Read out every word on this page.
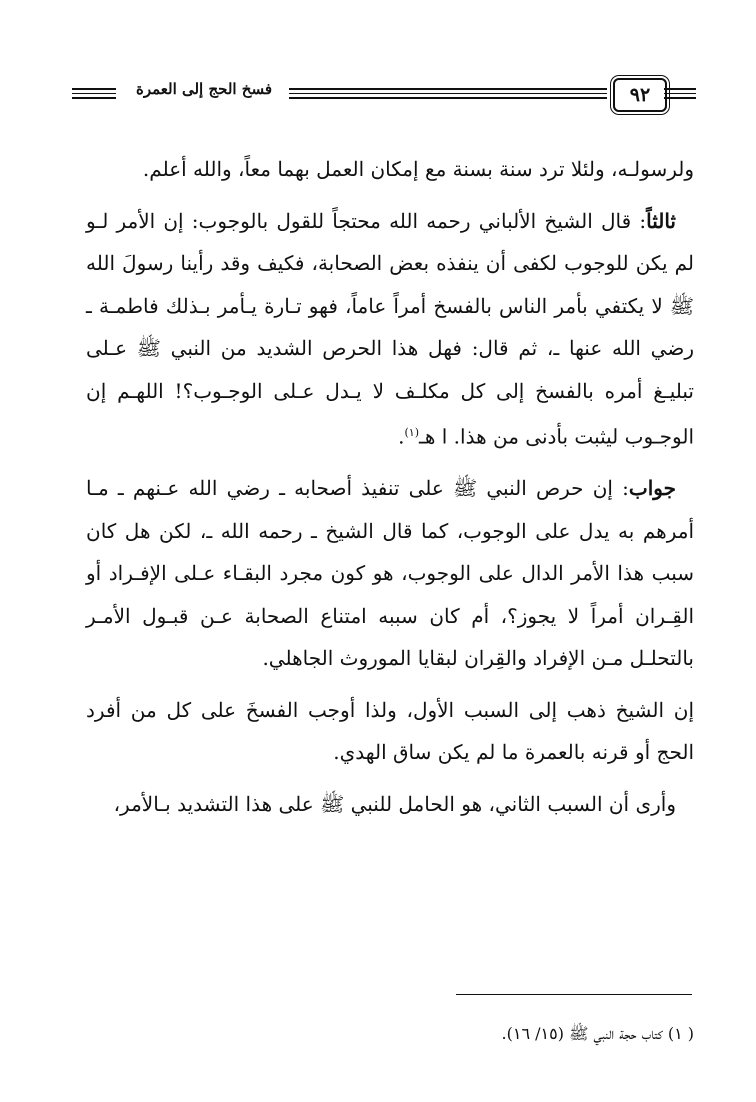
فسخ الحج إلى العمرة	٩٢

ولرسولـه، ولئلا ترد سنة بسنة مع إمكان العمل بهما معاً، والله أعلم.

ثالثاً: قال الشيخ الألباني رحمه الله محتجاً للقول بالوجوب: إن الأمر لـو لم يكن للوجوب لكفى أن ينفذه بعض الصحابة، فكيف وقد رأينا رسولَ الله ﷺ لا يكتفي بأمر الناس بالفسخ أمراً عاماً، فهو تـارة يـأمر بـذلك فاطمـة ـ رضي الله عنها ـ، ثم قال: فهل هذا الحرص الشديد من النبي ﷺ عـلى تبليـغ أمره بالفسخ إلى كل مكلـف لا يـدل عـلى الوجـوب؟! اللهـم إن الوجـوب ليثبت بأدنى من هذا. ا هـ$^{(١)}$.

جواب: إن حرص النبي ﷺ على تنفيذ أصحابه ـ رضي الله عـنهم ـ مـا أمرهم به يدل على الوجوب، كما قال الشيخ ـ رحمه الله ـ، لكن هل كان سبب هذا الأمر الدال على الوجوب، هو كون مجرد البقـاء عـلى الإفـراد أو القِـران أمراً لا يجوز؟، أم كان سببه امتناع الصحابة عـن قبـول الأمـر بالتحلـل مـن الإفراد والقِران لبقايا الموروث الجاهلي.

إن الشيخ ذهب إلى السبب الأول، ولذا أوجب الفسخَ على كل من أفرد الحج أو قرنه بالعمرة ما لم يكن ساق الهدي.

وأرى أن السبب الثاني، هو الحامل للنبي ﷺ على هذا التشديد بـالأمر،

( ١) كتاب حجة النبي ﷺ (١٥/ ١٦).
